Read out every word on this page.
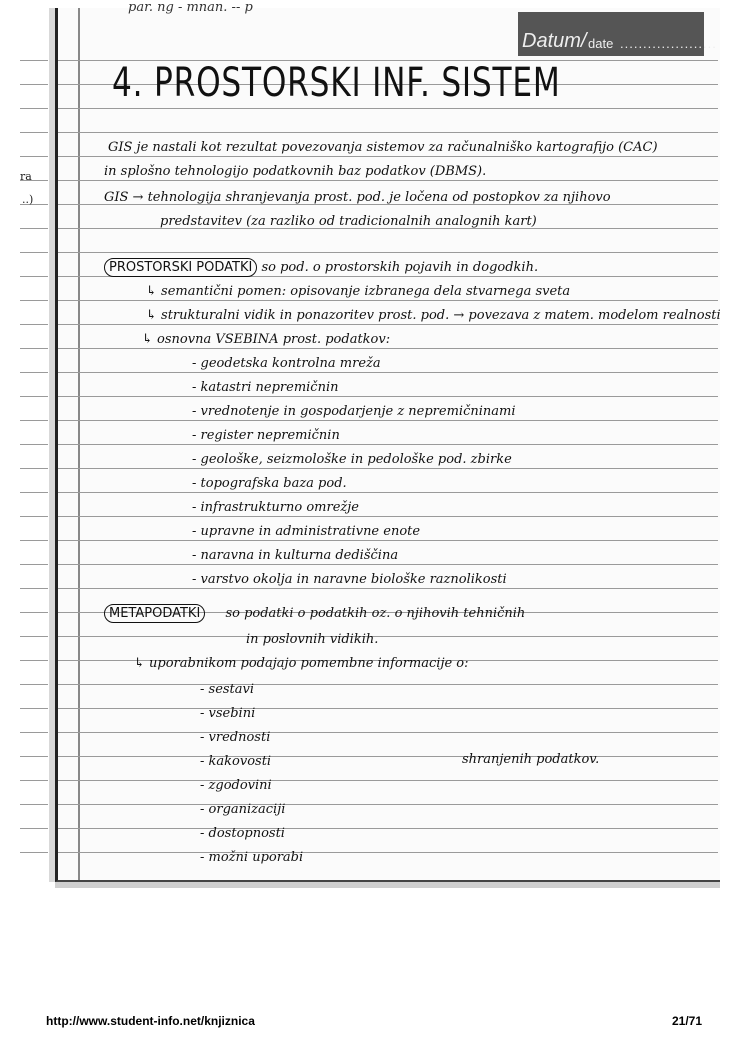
par. ng - mnan. -- p
Datum/ date .....................
4. PROSTORSKI INF. SISTEM
ra
..)
GIS je nastali kot rezultat povezovanja sistemov za računalniško kartografijo (CAC)
in splošno tehnologijo podatkovnih baz podatkov (DBMS).
GIS → tehnologija shranjevanja prost. pod. je ločena od postopkov za njihovo
predstavitev (za razliko od tradicionalnih analognih kart)
PROSTORSKI PODATKI so pod. o prostorskih pojavih in dogodkih.
↳ semantični pomen: opisovanje izbranega dela stvarnega sveta
↳ strukturalni vidik in ponazoritev prost. pod. → povezava z matem. modelom realnosti
↳ osnovna VSEBINA prost. podatkov:
- geodetska kontrolna mreža
- katastri nepremičnin
- vrednotenje in gospodarjenje z nepremičninami
- register nepremičnin
- geološke, seizmološke in pedološke pod. zbirke
- topografska baza pod.
- infrastrukturno omrežje
- upravne in administrativne enote
- naravna in kulturna dediščina
- varstvo okolja in naravne biološke raznolikosti
METAPODATKI so podatki o podatkih oz. o njihovih tehničnih
in poslovnih vidikih.
↳ uporabnikom podajajo pomembne informacije o:
- sestavi
- vsebini
- vrednosti
- kakovosti
- zgodovini
- organizaciji
- dostopnosti
- možni uporabi
shranjenih podatkov.
http://www.student-info.net/knjiznica	21/71
